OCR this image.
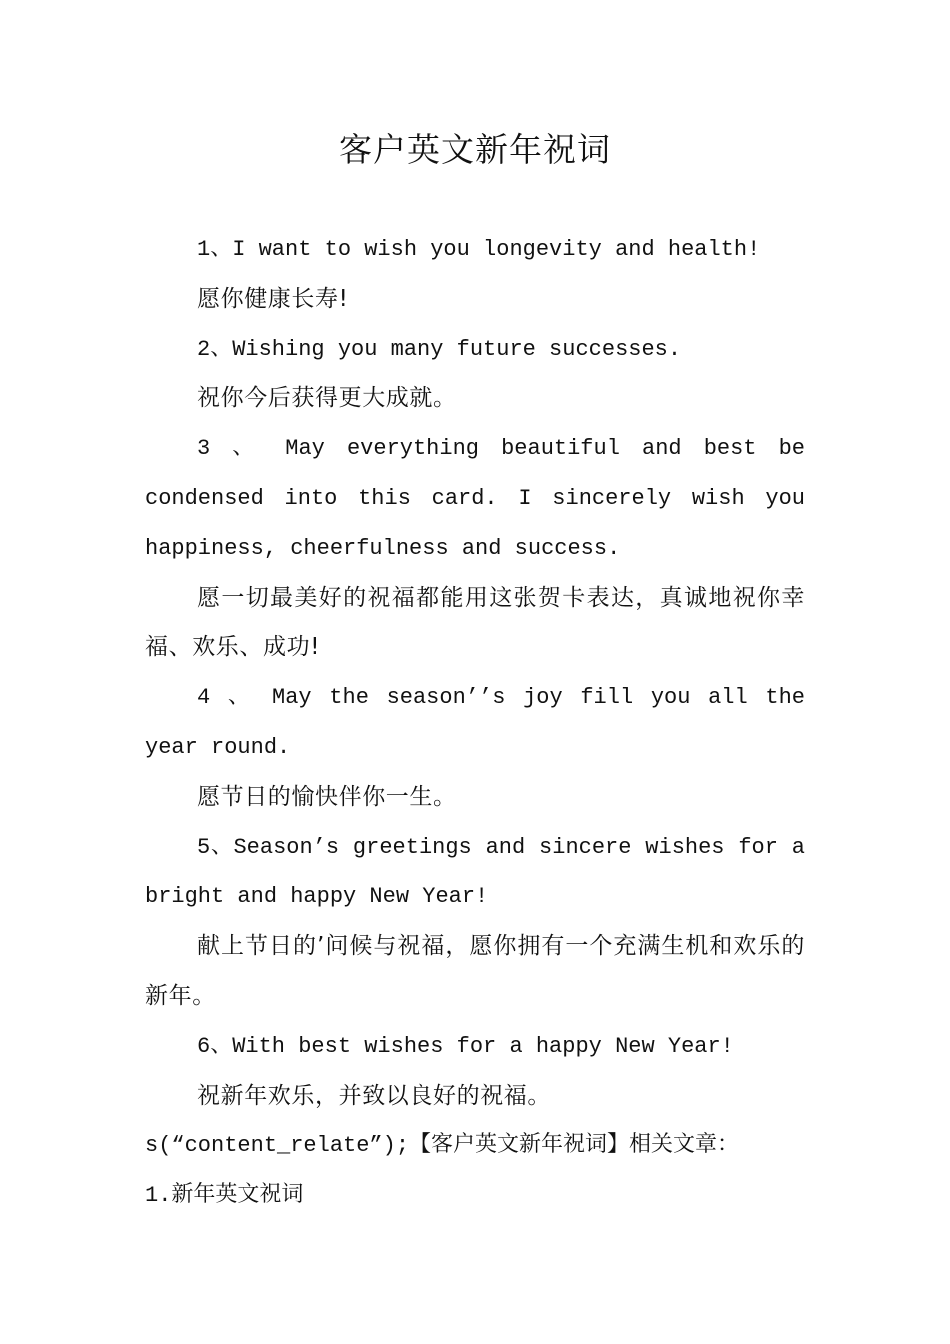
客户英文新年祝词

1、I want to wish you longevity and health!

愿你健康长寿!

2、Wishing you many future successes.

祝你今后获得更大成就。

3 、 May everything beautiful and best be condensed into this card. I sincerely wish you happiness, cheerfulness and success.

愿一切最美好的祝福都能用这张贺卡表达，真诚地祝你幸福、欢乐、成功!

4 、 May the season’’s joy fill you all the year round.

愿节日的愉快伴你一生。

5、Season’s greetings and sincere wishes for a bright and happy New Year!

献上节日的’问候与祝福，愿你拥有一个充满生机和欢乐的新年。

6、With best wishes for a happy New Year!

祝新年欢乐，并致以良好的祝福。

s(“content_relate”);【客户英文新年祝词】相关文章：

1.新年英文祝词
